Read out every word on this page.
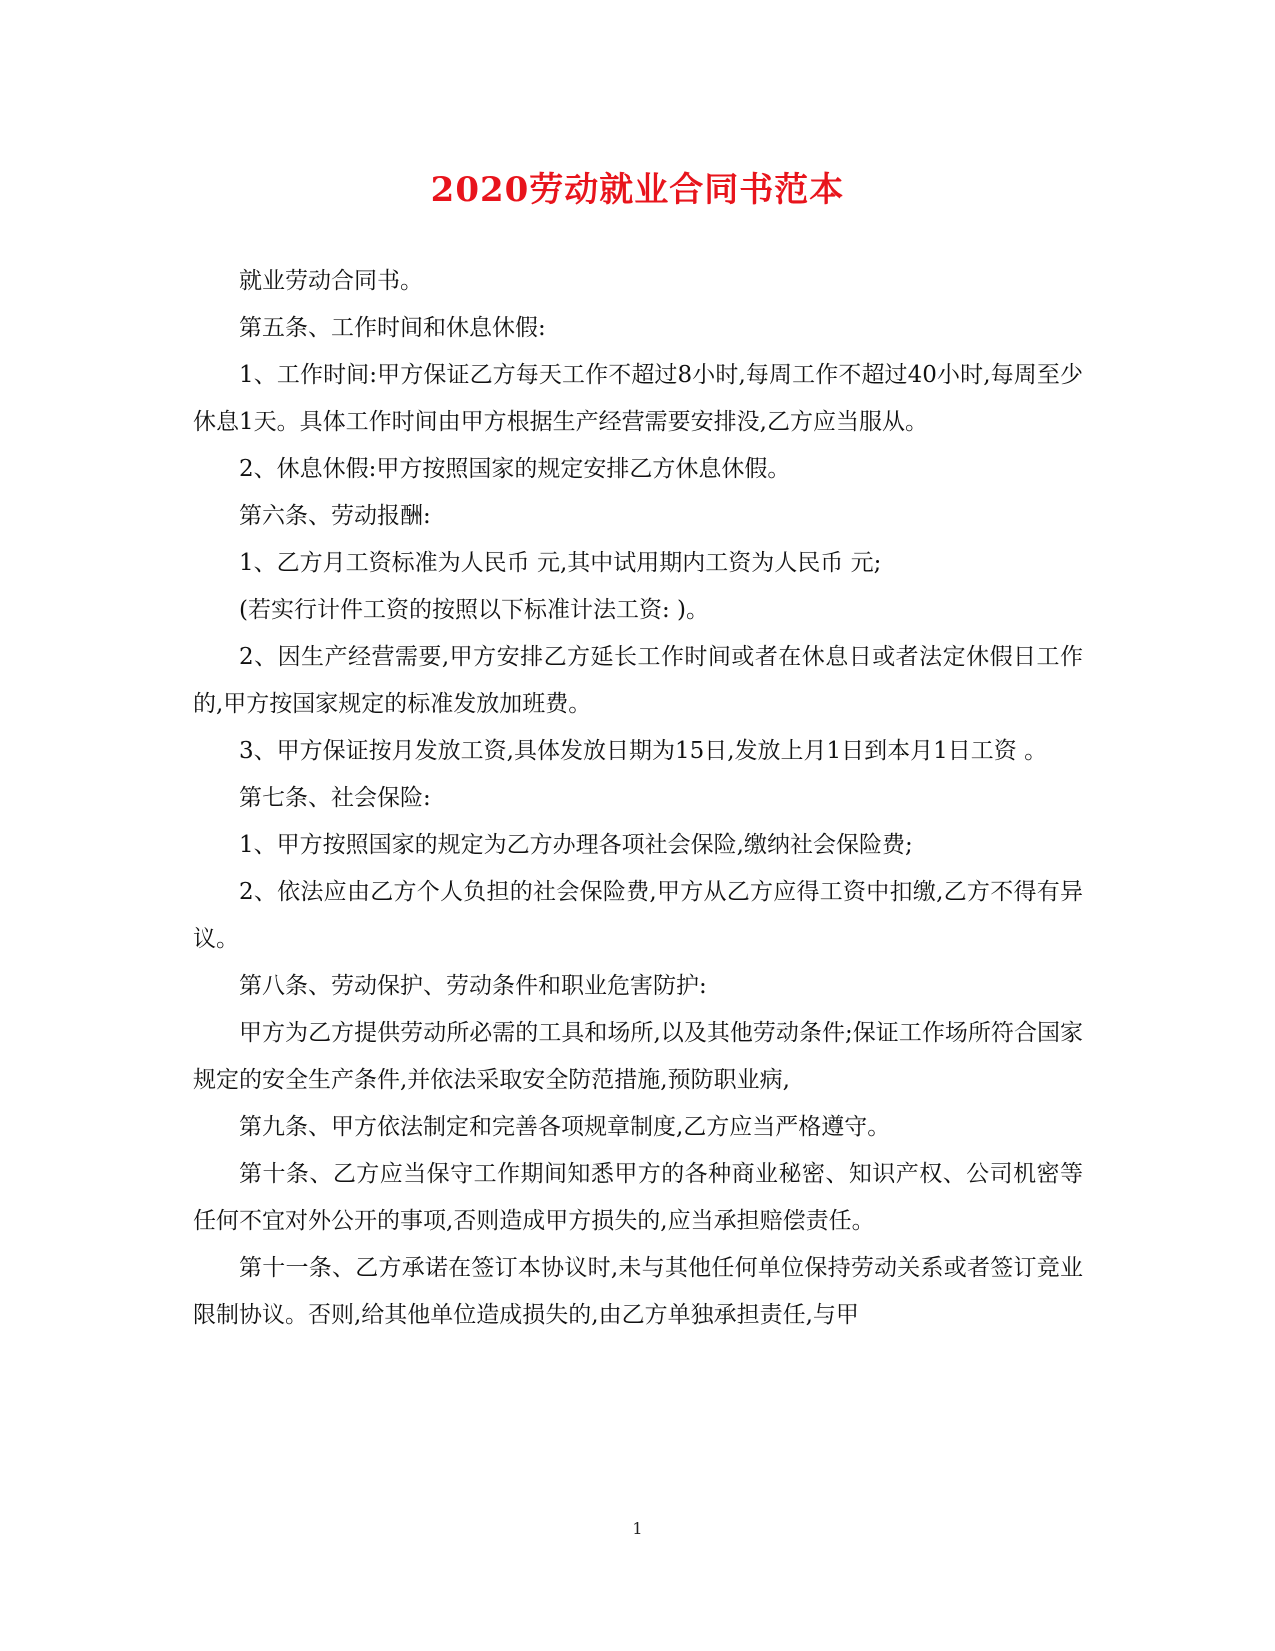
2020劳动就业合同书范本

就业劳动合同书。

第五条、工作时间和休息休假:

1、工作时间:甲方保证乙方每天工作不超过8小时,每周工作不超过40小时,每周至少休息1天。具体工作时间由甲方根据生产经营需要安排没,乙方应当服从。

2、休息休假:甲方按照国家的规定安排乙方休息休假。

第六条、劳动报酬:

1、乙方月工资标准为人民币 元,其中试用期内工资为人民币 元;

(若实行计件工资的按照以下标准计法工资: )。

2、因生产经营需要,甲方安排乙方延长工作时间或者在休息日或者法定休假日工作的,甲方按国家规定的标准发放加班费。

3、甲方保证按月发放工资,具体发放日期为15日,发放上月1日到本月1日工资 。

第七条、社会保险:

1、甲方按照国家的规定为乙方办理各项社会保险,缴纳社会保险费;

2、依法应由乙方个人负担的社会保险费,甲方从乙方应得工资中扣缴,乙方不得有异议。

第八条、劳动保护、劳动条件和职业危害防护:

甲方为乙方提供劳动所必需的工具和场所,以及其他劳动条件;保证工作场所符合国家规定的安全生产条件,并依法采取安全防范措施,预防职业病,

第九条、甲方依法制定和完善各项规章制度,乙方应当严格遵守。

第十条、乙方应当保守工作期间知悉甲方的各种商业秘密、知识产权、公司机密等任何不宜对外公开的事项,否则造成甲方损失的,应当承担赔偿责任。

第十一条、乙方承诺在签订本协议时,未与其他任何单位保持劳动关系或者签订竞业限制协议。否则,给其他单位造成损失的,由乙方单独承担责任,与甲

1
